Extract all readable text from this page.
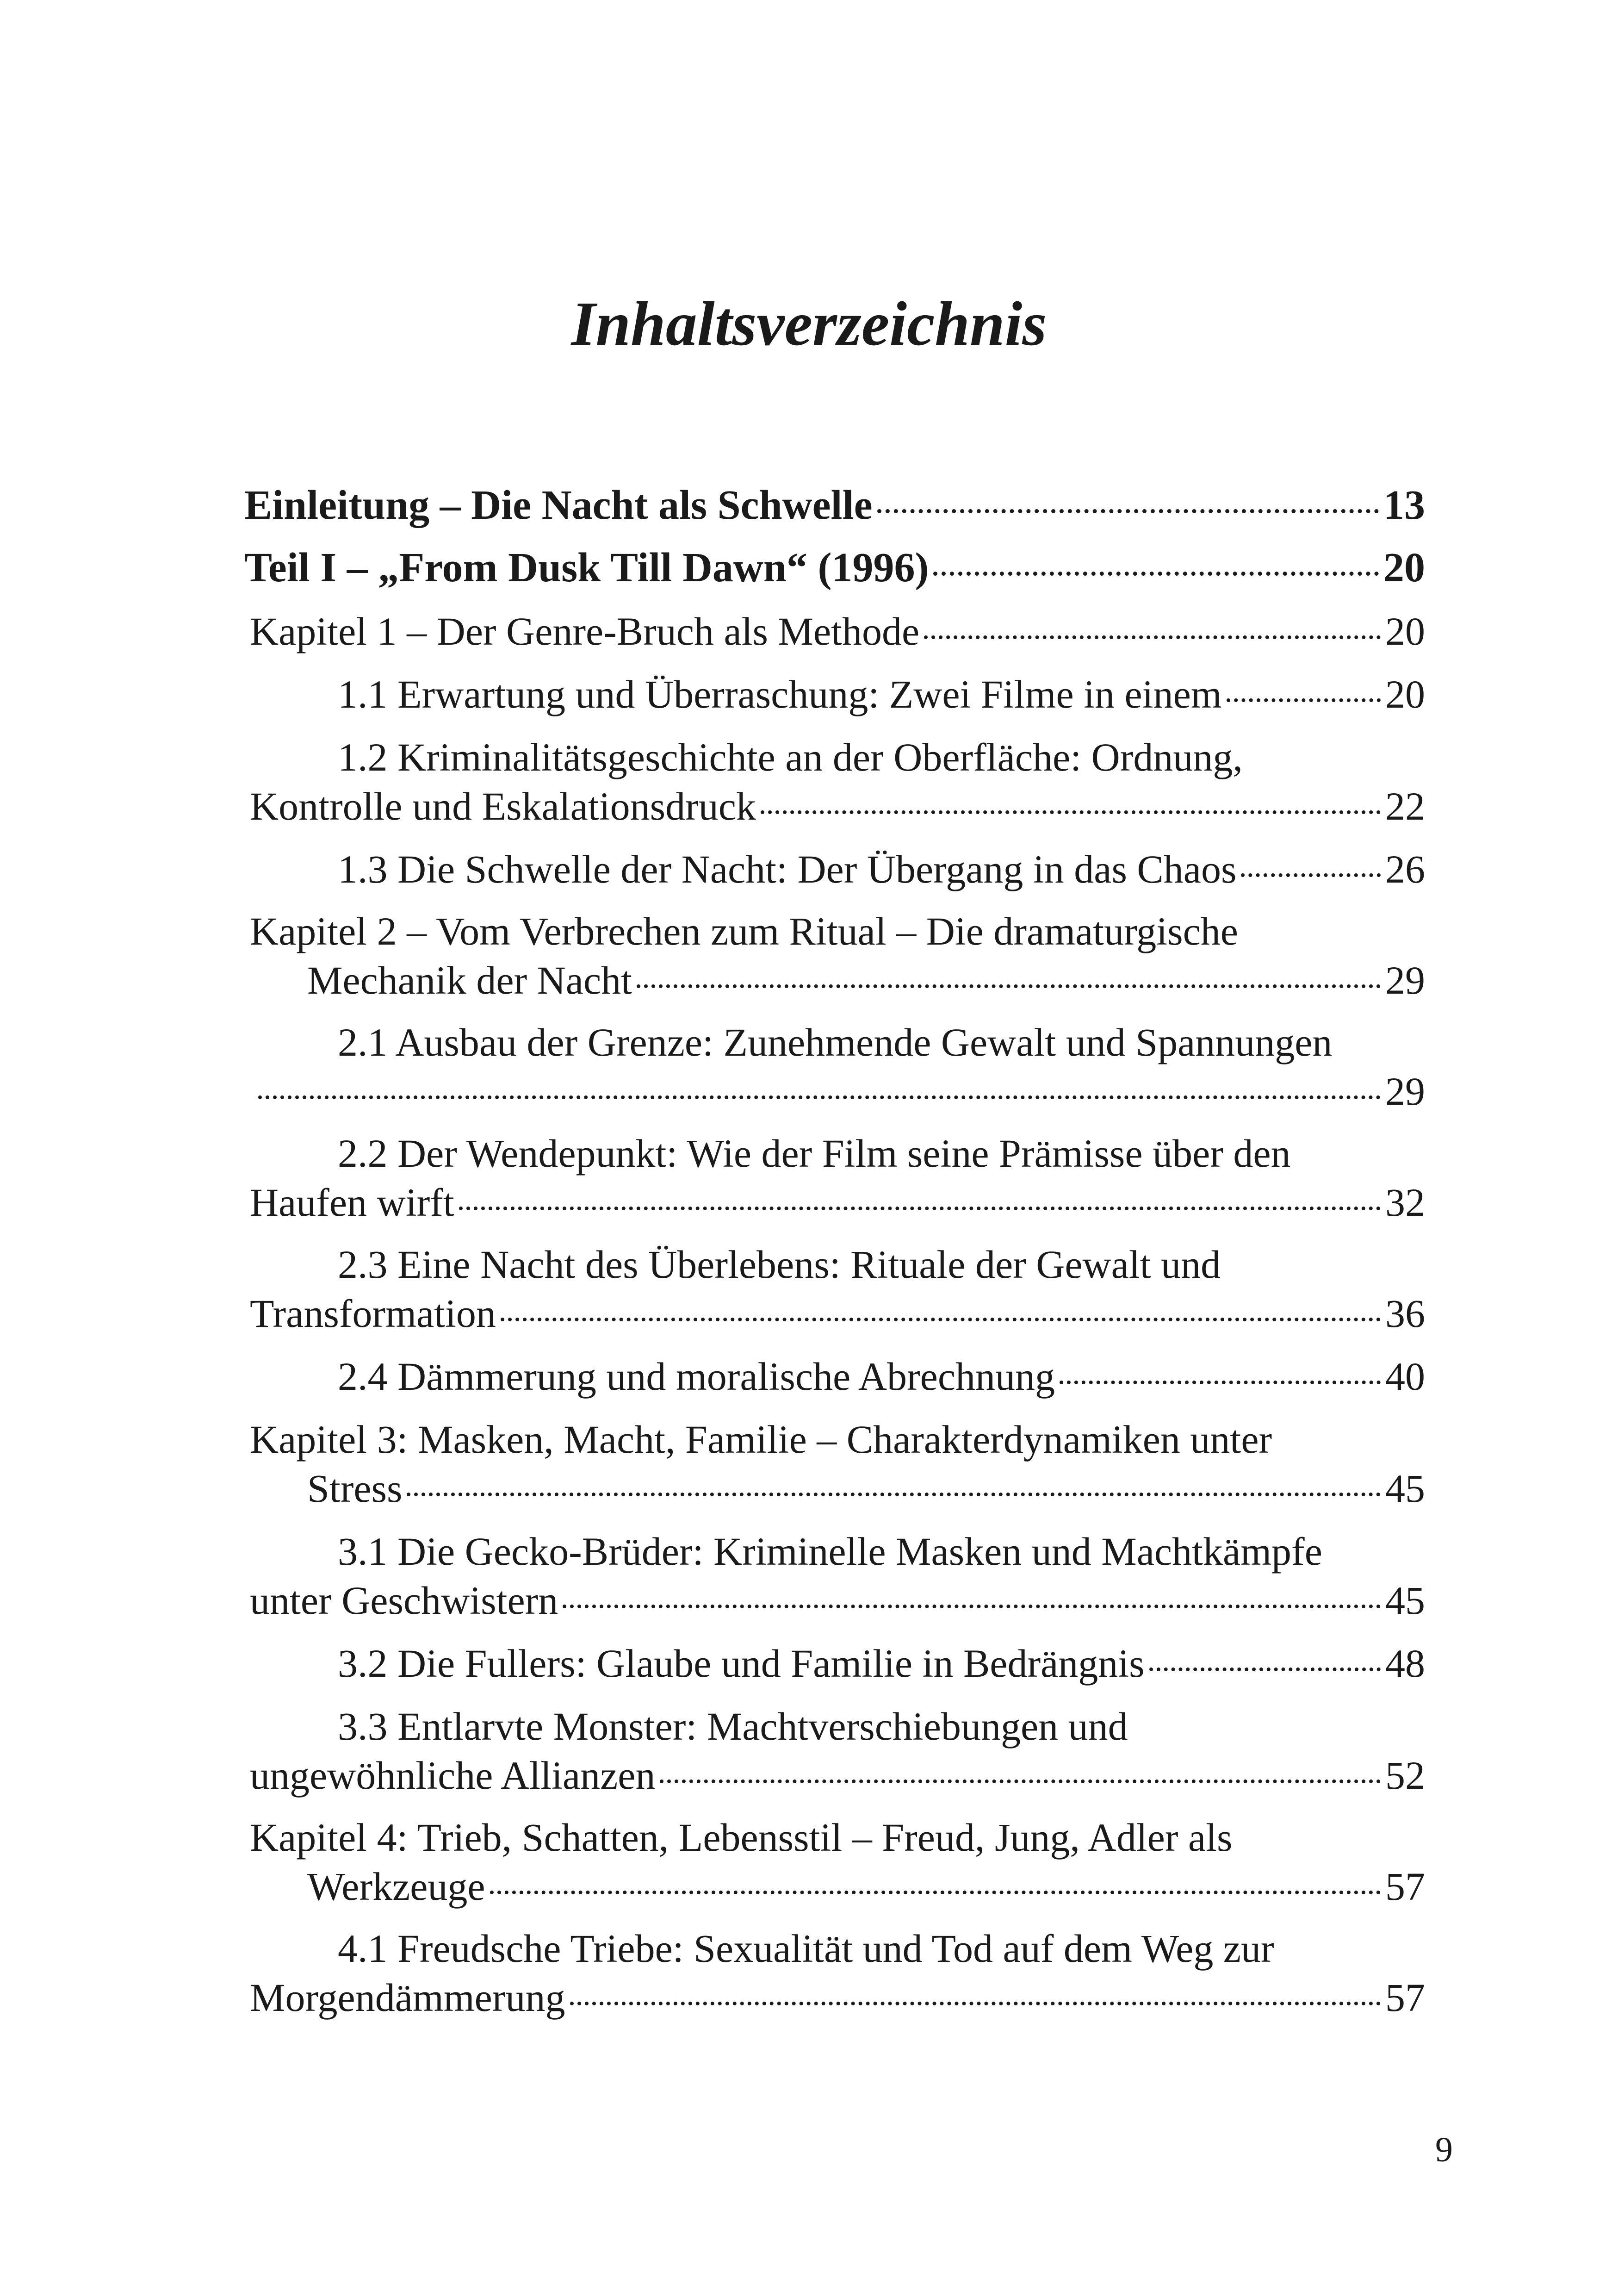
Inhaltsverzeichnis
Einleitung – Die Nacht als Schwelle	13
Teil I – „From Dusk Till Dawn“ (1996)	20
Kapitel 1 – Der Genre-Bruch als Methode	20
1.1 Erwartung und Überraschung: Zwei Filme in einem	20
1.2 Kriminalitätsgeschichte an der Oberfläche: Ordnung,
Kontrolle und Eskalationsdruck	22
1.3 Die Schwelle der Nacht: Der Übergang in das Chaos	26
Kapitel 2 – Vom Verbrechen zum Ritual – Die dramaturgische
Mechanik der Nacht	29
2.1 Ausbau der Grenze: Zunehmende Gewalt und Spannungen
29
2.2 Der Wendepunkt: Wie der Film seine Prämisse über den
Haufen wirft	32
2.3 Eine Nacht des Überlebens: Rituale der Gewalt und
Transformation	36
2.4 Dämmerung und moralische Abrechnung	40
Kapitel 3: Masken, Macht, Familie – Charakterdynamiken unter
Stress	45
3.1 Die Gecko-Brüder: Kriminelle Masken und Machtkämpfe
unter Geschwistern	45
3.2 Die Fullers: Glaube und Familie in Bedrängnis	48
3.3 Entlarvte Monster: Machtverschiebungen und
ungewöhnliche Allianzen	52
Kapitel 4: Trieb, Schatten, Lebensstil – Freud, Jung, Adler als
Werkzeuge	57
4.1 Freudsche Triebe: Sexualität und Tod auf dem Weg zur
Morgendämmerung	57
9
